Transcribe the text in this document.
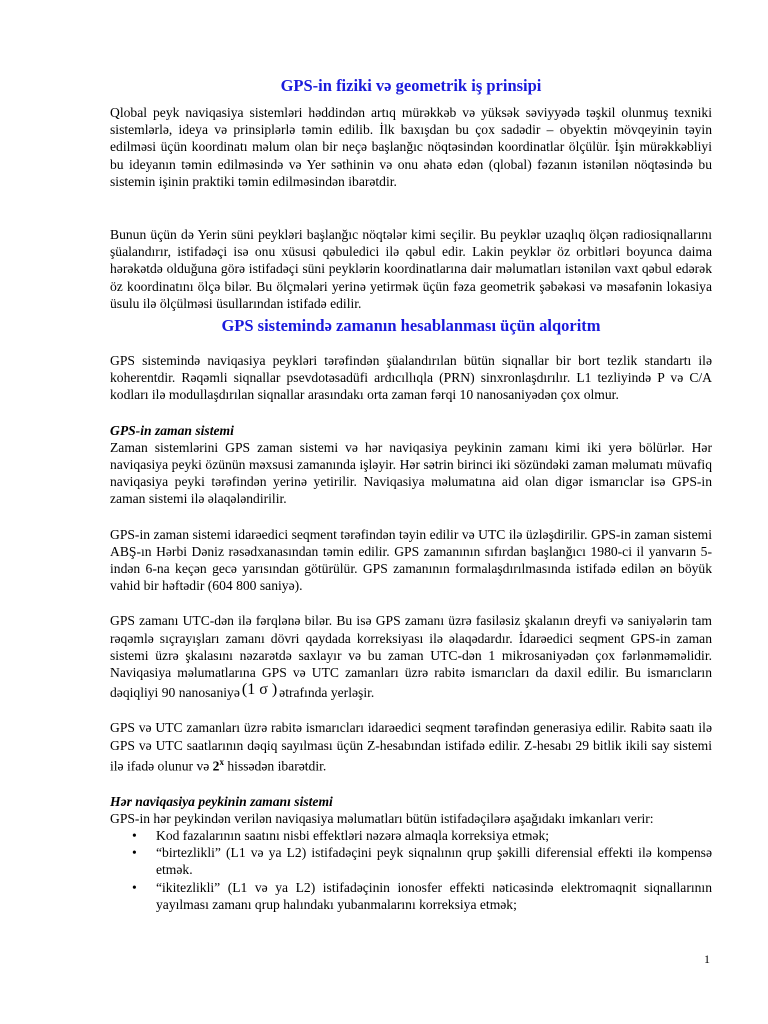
GPS-in fiziki və geometrik iş prinsipi

Qlobal peyk naviqasiya sistemləri həddindən artıq mürəkkəb və yüksək səviyyədə təşkil olunmuş texniki sistemlərlə, ideya və prinsiplərlə təmin edilib. İlk baxışdan bu çox sadədir – obyektin mövqeyinin təyin edilməsi üçün koordinatı məlum olan bir neçə başlanğıc nöqtəsindən koordinatlar ölçülür. İşin mürəkkəbliyi bu ideyanın təmin edilməsində və Yer səthinin və onu əhatə edən (qlobal) fəzanın istənilən nöqtəsində bu sistemin işinin praktiki təmin edilməsindən ibarətdir.

Bunun üçün də Yerin süni peykləri başlanğıc nöqtələr kimi seçilir. Bu peyklər uzaqlıq ölçən radiosiqnallarını şüalandırır, istifadəçi isə onu xüsusi qəbuledici ilə qəbul edir. Lakin peyklər öz orbitləri boyunca daima hərəkətdə olduğuna görə istifadəçi süni peyklərin koordinatlarına dair məlumatları istənilən vaxt qəbul edərək öz koordinatını ölçə bilər. Bu ölçmələri yerinə yetirmək üçün fəza geometrik şəbəkəsi və məsafənin lokasiya üsulu ilə ölçülməsi üsullarından istifadə edilir.

GPS sistemində zamanın hesablanması üçün alqoritm

GPS sistemində naviqasiya peykləri tərəfindən şüalandırılan bütün siqnallar bir bort tezlik standartı ilə koherentdir. Rəqəmli siqnallar psevdotəsadüfi ardıcıllıqla (PRN) sinxronlaşdırılır. L1 tezliyində P və C/A kodları ilə modullaşdırılan siqnallar arasındakı orta zaman fərqi 10 nanosaniyədən çox olmur.

GPS-in zaman sistemi

Zaman sistemlərini GPS zaman sistemi və hər naviqasiya peykinin zamanı kimi iki yerə bölürlər. Hər naviqasiya peyki özünün məxsusi zamanında işləyir. Hər sətrin birinci iki sözündəki zaman məlumatı müvafiq naviqasiya peyki tərəfindən yerinə yetirilir. Naviqasiya məlumatına aid olan digər ismarıclar isə GPS-in zaman sistemi ilə əlaqələndirilir.

GPS-in zaman sistemi idarəedici seqment tərəfindən təyin edilir və UTC ilə üzləşdirilir. GPS-in zaman sistemi ABŞ-ın Hərbi Dəniz rəsədxanasından təmin edilir. GPS zamanının sıfırdan başlanğıcı 1980-ci il yanvarın 5-indən 6-na keçən gecə yarısından götürülür. GPS zamanının formalaşdırılmasında istifadə edilən ən böyük vahid bir həftədir (604 800 saniyə).

GPS zamanı UTC-dən ilə fərqlənə bilər. Bu isə GPS zamanı üzrə fasiləsiz şkalanın dreyfi və saniyələrin tam rəqəmlə sıçrayışları zamanı dövri qaydada korreksiyası ilə əlaqədardır. İdarəedici seqment GPS-in zaman sistemi üzrə şkalasını nəzarətdə saxlayır və bu zaman UTC-dən 1 mikrosaniyədən çox fərlənməməlidir. Naviqasiya məlumatlarına GPS və UTC zamanları üzrə rabitə ismarıcları da daxil edilir. Bu ismarıcların dəqiqliyi 90 nanosaniyə (1 σ ) ətrafında yerləşir.

GPS və UTC zamanları üzrə rabitə ismarıcları idarəedici seqment tərəfindən generasiya edilir. Rabitə saatı ilə GPS və UTC saatlarının dəqiq sayılması üçün Z-hesabından istifadə edilir. Z-hesabı 29 bitlik ikili say sistemi ilə ifadə olunur və 2$^x$ hissədən ibarətdir.

Hər naviqasiya peykinin zamanı sistemi

GPS-in hər peykindən verilən naviqasiya məlumatları bütün istifadəçilərə aşağıdakı imkanları verir:

• Kod fazalarının saatını nisbi effektləri nəzərə almaqla korreksiya etmək;
• “birtezlikli” (L1 və ya L2) istifadəçini peyk siqnalının qrup şəkilli diferensial effekti ilə kompensə etmək.
• “ikitezlikli” (L1 və ya L2) istifadəçinin ionosfer effekti nəticəsində elektromaqnit siqnallarının yayılması zamanı qrup halındakı yubanmalarını korreksiya etmək;
1
